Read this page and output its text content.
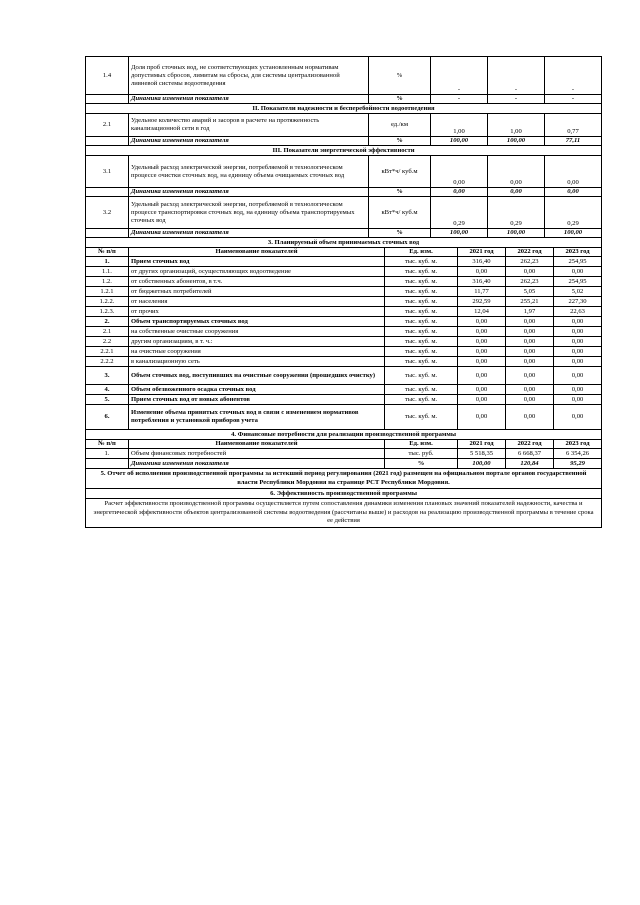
1.4	Доля проб сточных вод, не соответствующих установленным нормативам допустимых сбросов, лимитам на сбросы, для системы централизованной ливневой системы водоотведения	%	-	-	-
	Динамика изменения показателя	%	-	-	-
II. Показатели надежности и бесперебойности водоотведения					
2.1	Удельное количество аварий и засоров в расчете на протяженность канализационной сети в год	ед./км	1,00	1,00	0,77
	Динамика изменения показателя	%	100,00	100,00	77,11
III. Показатели энергетической эффективности					
3.1	Удельный расход электрической энергии, потребляемой в технологическом процессе очистки сточных вод, на единицу объема очищаемых сточных вод	кВт*ч/ куб.м	0,00	0,00	0,00
	Динамика изменения показателя	%	0,00	0,00	0,00
3.2	Удельный расход электрической энергии, потребляемой в технологическом процессе транспортировки сточных вод, на единицу объема транспортируемых сточных вод	кВт*ч/ куб.м	0,29	0,29	0,29
	Динамика изменения показателя	%	100,00	100,00	100,00
3. Планируемый объем принимаемых сточных вод					
№ п/п	Наименование показателей	Ед. изм.	2021 год	2022 год	2023 год
1.	Прием сточных вод	тыс. куб. м.	316,40	262,23	254,95
1.1.	от других организаций, осуществляющих водоотведение	тыс. куб. м.	0,00	0,00	0,00
1.2.	от собственных абонентов, в т.ч.	тыс. куб. м.	316,40	262,23	254,95
1.2.1	от бюджетных потребителей	тыс. куб. м.	11,77	5,05	5,02
1.2.2.	от населения	тыс. куб. м.	292,59	255,21	227,30
1.2.3.	от прочих	тыс. куб. м.	12,04	1,97	22,63
2.	Объем транспортируемых сточных вод	тыс. куб. м.	0,00	0,00	0,00
2.1	на собственные очистные сооружения	тыс. куб. м.	0,00	0,00	0,00
2.2	другим организациям, в т. ч.:	тыс. куб. м.	0,00	0,00	0,00
2.2.1	на очистные сооружения	тыс. куб. м.	0,00	0,00	0,00
2.2.2	в канализационную сеть	тыс. куб. м.	0,00	0,00	0,00
3.	Объем сточных вод, поступивших на очистные сооружения (прошедших очистку)	тыс. куб. м.	0,00	0,00	0,00
4.	Объем обезвоженного осадка сточных вод	тыс. куб. м.	0,00	0,00	0,00
5.	Прием сточных вод от новых абонентов	тыс. куб. м.	0,00	0,00	0,00
6.	Изменение объема принятых сточных вод в связи с изменением нормативов потребления и установкой приборов учета	тыс. куб. м.	0,00	0,00	0,00
4. Финансовые потребности для реализации производственной программы					
№ п/п	Наименование показателей	Ед. изм.	2021 год	2022 год	2023 год
1.	Объем финансовых потребностей	тыс. руб.	5 518,35	6 668,37	6 354,26
	Динамика изменения показателя	%	100,00	120,84	95,29
5. Отчет об исполнении производственной программы за истекший период регулирования (2021 год) размещен на официальном портале органов государственной власти Республики Мордовия на странице РСТ Республики Мордовия.					
6. Эффективность производственной программы					
Расчет эффективности производственной программы осуществляется путем сопоставления динамики изменения плановых значений показателей надежности, качества и энергетической эффективности объектов централизованной системы водоотведения (рассчитаны выше) и расходов на реализацию производственной программы в течение срока ее действия					
